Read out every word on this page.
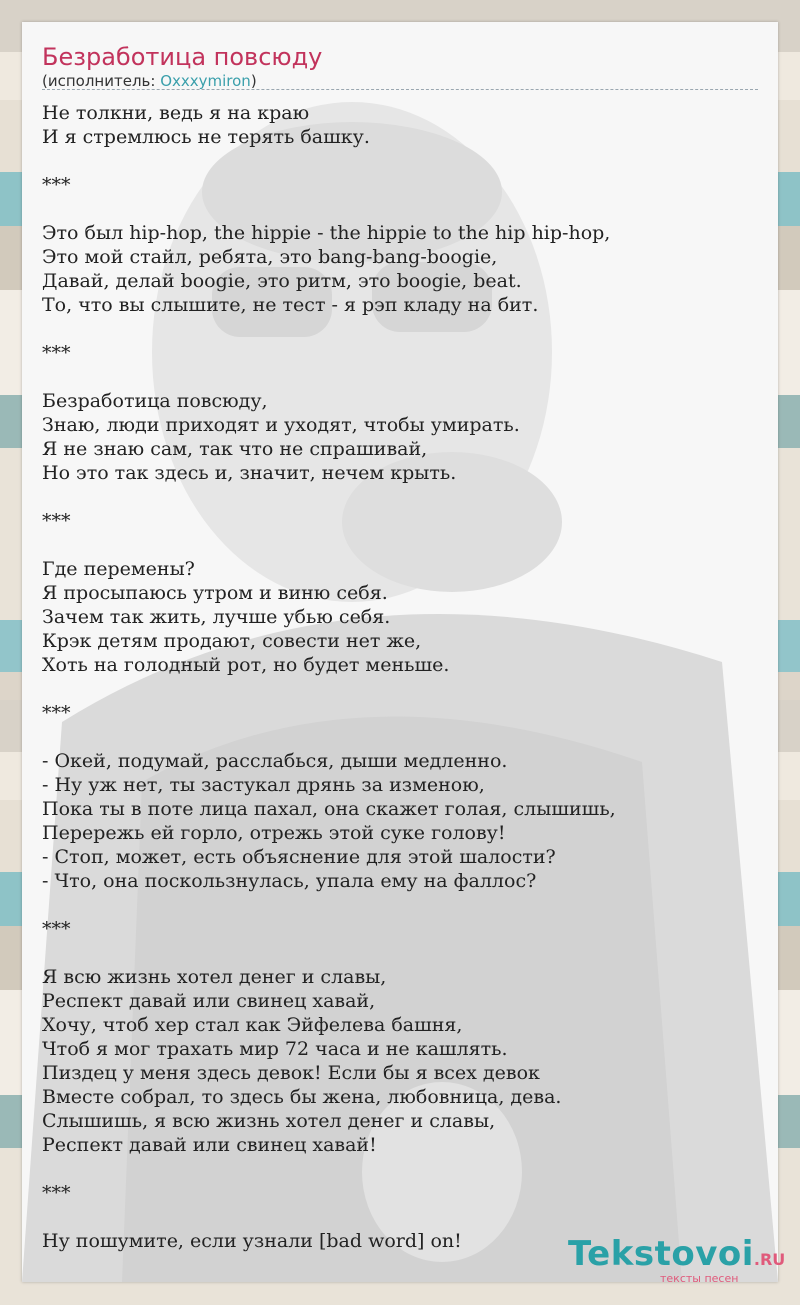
Безработица повсюду
(исполнитель: Oxxxymiron)
Не толкни, ведь я на краю
И я стремлюсь не терять башку.

***

Это был hip-hop, the hippie - the hippie to the hip hip-hop,
Это мой стайл, ребята, это bang-bang-boogie,
Давай, делай boogie, это ритм, это boogie, beat.
То, что вы слышите, не тест - я рэп кладу на бит.

***

Безработица повсюду,
Знаю, люди приходят и уходят, чтобы умирать.
Я не знаю сам, так что не спрашивай,
Но это так здесь и, значит, нечем крыть.

***

Где перемены?
Я просыпаюсь утром и виню себя.
Зачем так жить, лучше убью себя.
Крэк детям продают, совести нет же,
Хоть на голодный рот, но будет меньше.

***

- Окей, подумай, расслабься, дыши медленно.
- Ну уж нет, ты застукал дрянь за изменою,
Пока ты в поте лица пахал, она скажет голая, слышишь,
Перережь ей горло, отрежь этой суке голову!
- Стоп, может, есть объяснение для этой шалости?
- Что, она поскользнулась, упала ему на фаллос?

***

Я всю жизнь хотел денег и славы,
Респект давай или свинец хавай,
Хочу, чтоб хер стал как Эйфелева башня,
Чтоб я мог трахать мир 72 часа и не кашлять.
Пиздец у меня здесь девок! Если бы я всех девок
Вместе собрал, то здесь бы жена, любовница, дева.
Слышишь, я всю жизнь хотел денег и славы,
Респект давай или свинец хавай!

***

Ну пошумите, если узнали [bad word] on!	Tekstovoi.RU
тексты песен
